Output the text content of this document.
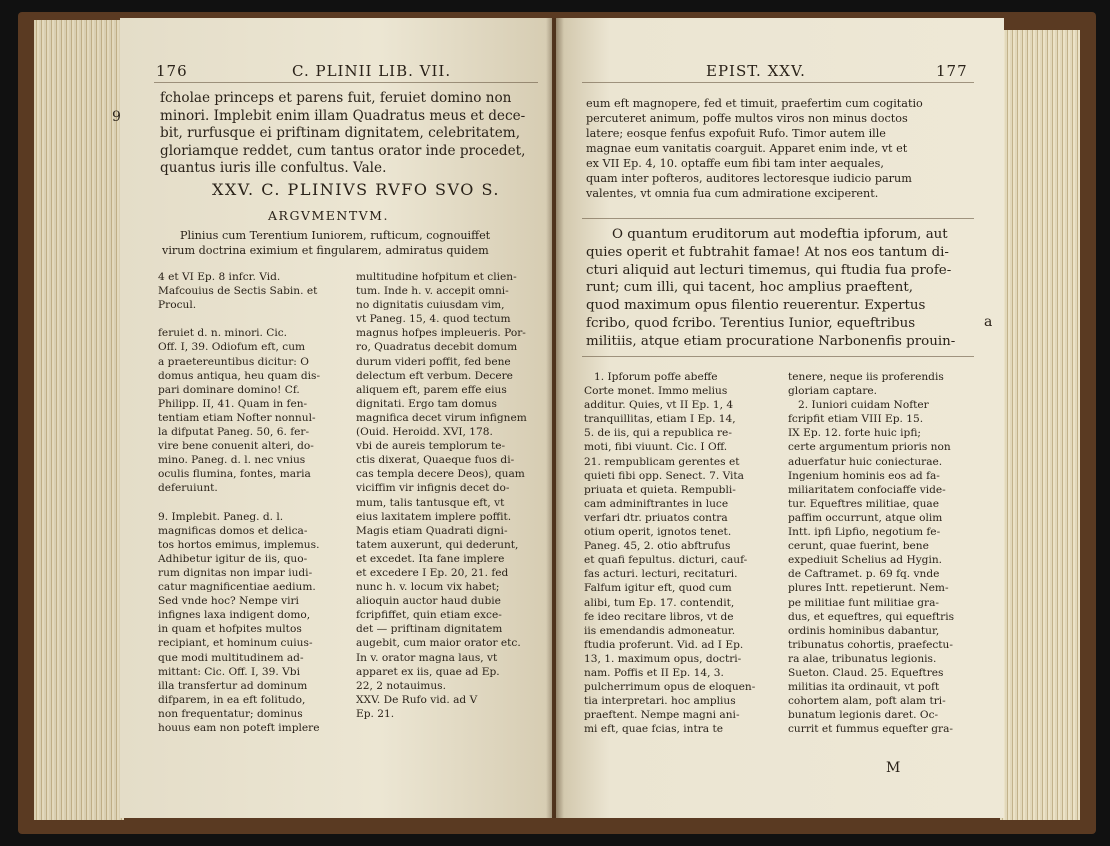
176	C. PLINII LIB. VII.
9
fcholae princeps et parens fuit, feruiet domino non
minori. Implebit enim illam Quadratus meus et dece-
bit, rurfusque ei priftinam dignitatem, celebritatem,
gloriamque reddet, cum tantus orator inde procedet,
quantus iuris ille confultus. Vale.
XXV. C. PLINIVS RVFO SVO S.
ARGVMENTVM.
Plinius cum Terentium Iuniorem, rufticum, cognouiffet
virum doctrina eximium et fingularem, admiratus quidem
4 et VI Ep. 8 infcr. Vid.
Mafcouius de Sectis Sabin. et
Procul.

feruiet d. n. minori. Cic.
Off. I, 39. Odiofum eft, cum
a praetereuntibus dicitur: O
domus antiqua, heu quam dis-
pari dominare domino! Cf.
Philipp. II, 41. Quam in fen-
tentiam etiam Nofter nonnul-
la difputat Paneg. 50, 6. fer-
vire bene conuenit alteri, do-
mino. Paneg. d. l. nec vnius
oculis flumina, fontes, maria
deferuiunt.

9. Implebit. Paneg. d. l.
magnificas domos et delica-
tos hortos emimus, implemus.
Adhibetur igitur de iis, quo-
rum dignitas non impar iudi-
catur magnificentiae aedium.
Sed vnde hoc? Nempe viri
infignes laxa indigent domo,
in quam et hofpites multos
recipiant, et hominum cuius-
que modi multitudinem ad-
mittant: Cic. Off. I, 39. Vbi
illa transfertur ad dominum
difparem, in ea eft folitudo,
non frequentatur; dominus
houus eam non poteft implere
multitudine hofpitum et clien-
tum. Inde h. v. accepit omni-
no dignitatis cuiusdam vim,
vt Paneg. 15, 4. quod tectum
magnus hofpes impleueris. Por-
ro, Quadratus decebit domum
durum videri poffit, fed bene
delectum eft verbum. Decere
aliquem eft, parem effe eius
dignitati. Ergo tam domus
magnifica decet virum infignem
(Ouid. Heroidd. XVI, 178.
vbi de aureis templorum te-
ctis dixerat, Quaeque fuos di-
cas templa decere Deos), quam
viciffim vir infignis decet do-
mum, talis tantusque eft, vt
eius laxitatem implere poffit.
Magis etiam Quadrati digni-
tatem auxerunt, qui dederunt,
et excedet. Ita fane implere
et excedere I Ep. 20, 21. fed
nunc h. v. locum vix habet;
alioquin auctor haud dubie
fcripfiffet, quin etiam exce-
det — priftinam dignitatem
augebit, cum maior orator etc.
In v. orator magna laus, vt
apparet ex iis, quae ad Ep.
22, 2 notauimus.
XXV. De Rufo vid. ad V
Ep. 21.
EPIST. XXV.	177
eum eft magnopere, fed et timuit, praefertim cum cogitatio
percuteret animum, poffe multos viros non minus doctos
latere; eosque fenfus expofuit Rufo. Timor autem ille
magnae eum vanitatis coarguit. Apparet enim inde, vt et
ex VII Ep. 4, 10. optaffe eum fibi tam inter aequales,
quam inter pofteros, auditores lectoresque iudicio parum
valentes, vt omnia fua cum admiratione exciperent.
O quantum eruditorum aut modeftia ipforum, aut
quies operit et fubtrahit famae! At nos eos tantum di-
cturi aliquid aut lecturi timemus, qui ftudia fua profe-
runt; cum illi, qui tacent, hoc amplius praeftent,
quod maximum opus filentio reuerentur. Expertus
fcribo, quod fcribo. Terentius Iunior, equeftribus
militiis, atque etiam procuratione Narbonenfis prouin-
a
1. Ipforum poffe abeffe
Corte monet. Immo melius
additur. Quies, vt II Ep. 1, 4
tranquillitas, etiam I Ep. 14,
5. de iis, qui a republica re-
moti, fibi viuunt. Cic. I Off.
21. rempublicam gerentes et
quieti fibi opp. Senect. 7. Vita
priuata et quieta. Rempubli-
cam adminiftrantes in luce
verfari dtr. priuatos contra
otium operit, ignotos tenet.
Paneg. 45, 2. otio abftrufus
et quafi fepultus. dicturi, cauf-
fas acturi. lecturi, recitaturi.
Falfum igitur eft, quod cum
alibi, tum Ep. 17. contendit,
fe ideo recitare libros, vt de
iis emendandis admoneatur.
ftudia proferunt. Vid. ad I Ep.
13, 1. maximum opus, doctri-
nam. Poffis et II Ep. 14, 3.
pulcherrimum opus de eloquen-
tia interpretari. hoc amplius
praeftent. Nempe magni ani-
mi eft, quae fcias, intra te
tenere, neque iis proferendis
gloriam captare.
2. Iuniori cuidam Nofter
fcripfit etiam VIII Ep. 15.
IX Ep. 12. forte huic ipfi;
certe argumentum prioris non
aduerfatur huic coniecturae.
Ingenium hominis eos ad fa-
miliaritatem confociaffe vide-
tur. Equeftres militiae, quae
paffim occurrunt, atque olim
Intt. ipfi Lipfio, negotium fe-
cerunt, quae fuerint, bene
expediuit Schelius ad Hygin.
de Caftramet. p. 69 fq. vnde
plures Intt. repetierunt. Nem-
pe militiae funt militiae gra-
dus, et equeftres, qui equeftris
ordinis hominibus dabantur,
tribunatus cohortis, praefectu-
ra alae, tribunatus legionis.
Sueton. Claud. 25. Equeftres
militias ita ordinauit, vt poft
cohortem alam, poft alam tri-
bunatum legionis daret. Oc-
currit et fummus equefter gra-
M
